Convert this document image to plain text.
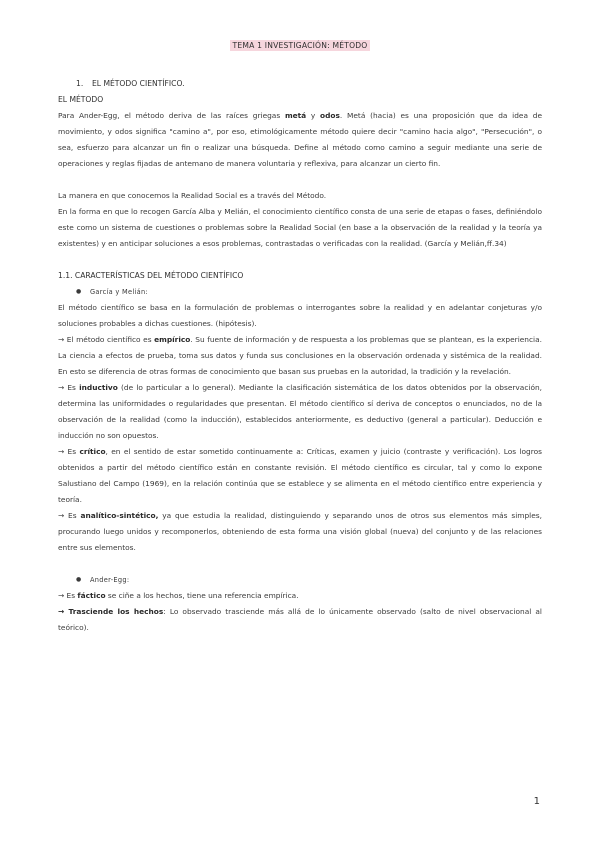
TEMA 1 INVESTIGACIÓN: MÉTODO

1. EL MÉTODO CIENTÍFICO.

EL MÉTODO

Para Ander-Egg, el método deriva de las raíces griegas metá y odos. Metá (hacia) es una proposición que da idea de movimiento, y odos significa "camino a", por eso, etimológicamente método quiere decir "camino hacia algo", "Persecución", o sea, esfuerzo para alcanzar un fin o realizar una búsqueda. Define al método como camino a seguir mediante una serie de operaciones y reglas fijadas de antemano de manera voluntaria y reflexiva, para alcanzar un cierto fin.

La manera en que conocemos la Realidad Social es a través del Método.

En la forma en que lo recogen García Alba y Melián, el conocimiento científico consta de una serie de etapas o fases, definiéndolo este como un sistema de cuestiones o problemas sobre la Realidad Social (en base a la observación de la realidad y la teoría ya existentes) y en anticipar soluciones a esos problemas, contrastadas o verificadas con la realidad. (García y Melián,ff.34)

1.1. CARACTERÍSTICAS DEL MÉTODO CIENTÍFICO

● García y Melián:

El método científico se basa en la formulación de problemas o interrogantes sobre la realidad y en adelantar conjeturas y/o soluciones probables a dichas cuestiones. (hipótesis).

→ El método científico es empírico. Su fuente de información y de respuesta a los problemas que se plantean, es la experiencia. La ciencia a efectos de prueba, toma sus datos y funda sus conclusiones en la observación ordenada y sistémica de la realidad. En esto se diferencia de otras formas de conocimiento que basan sus pruebas en la autoridad, la tradición y la revelación.

→ Es inductivo (de lo particular a lo general). Mediante la clasificación sistemática de los datos obtenidos por la observación, determina las uniformidades o regularidades que presentan. El método científico sí deriva de conceptos o enunciados, no de la observación de la realidad (como la inducción), establecidos anteriormente, es deductivo (general a particular). Deducción e inducción no son opuestos.

→ Es crítico, en el sentido de estar sometido continuamente a: Críticas, examen y juicio (contraste y verificación). Los logros obtenidos a partir del método científico están en constante revisión. El método científico es circular, tal y como lo expone Salustiano del Campo (1969), en la relación continúa que se establece y se alimenta en el método científico entre experiencia y teoría.

→ Es analítico-sintético, ya que estudia la realidad, distinguiendo y separando unos de otros sus elementos más simples, procurando luego unidos y recomponerlos, obteniendo de esta forma una visión global (nueva) del conjunto y de las relaciones entre sus elementos.

● Ander-Egg:

→ Es fáctico se ciñe a los hechos, tiene una referencia empírica.

→ Trasciende los hechos: Lo observado trasciende más allá de lo únicamente observado (salto de nivel observacional al teórico).

1
